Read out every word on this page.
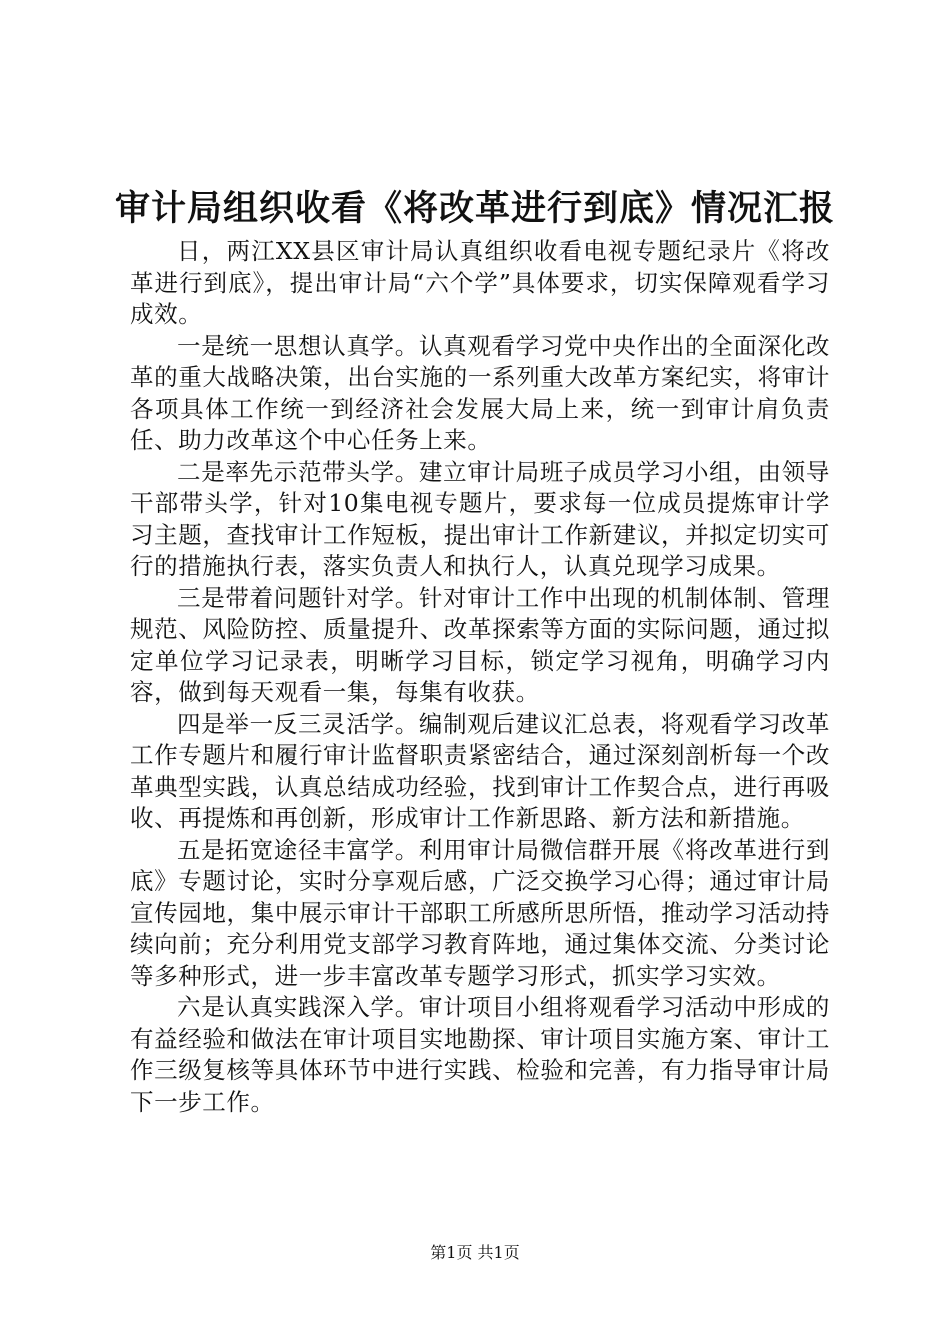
审计局组织收看《将改革进行到底》情况汇报

日，两江XX县区审计局认真组织收看电视专题纪录片《将改革进行到底》，提出审计局“六个学”具体要求，切实保障观看学习成效。

一是统一思想认真学。认真观看学习党中央作出的全面深化改革的重大战略决策，出台实施的一系列重大改革方案纪实，将审计各项具体工作统一到经济社会发展大局上来，统一到审计肩负责任、助力改革这个中心任务上来。

二是率先示范带头学。建立审计局班子成员学习小组，由领导干部带头学，针对10集电视专题片，要求每一位成员提炼审计学习主题，查找审计工作短板，提出审计工作新建议，并拟定切实可行的措施执行表，落实负责人和执行人，认真兑现学习成果。

三是带着问题针对学。针对审计工作中出现的机制体制、管理规范、风险防控、质量提升、改革探索等方面的实际问题，通过拟定单位学习记录表，明晰学习目标，锁定学习视角，明确学习内容，做到每天观看一集，每集有收获。

四是举一反三灵活学。编制观后建议汇总表，将观看学习改革工作专题片和履行审计监督职责紧密结合，通过深刻剖析每一个改革典型实践，认真总结成功经验，找到审计工作契合点，进行再吸收、再提炼和再创新，形成审计工作新思路、新方法和新措施。

五是拓宽途径丰富学。利用审计局微信群开展《将改革进行到底》专题讨论，实时分享观后感，广泛交换学习心得；通过审计局宣传园地，集中展示审计干部职工所感所思所悟，推动学习活动持续向前；充分利用党支部学习教育阵地，通过集体交流、分类讨论等多种形式，进一步丰富改革专题学习形式，抓实学习实效。

六是认真实践深入学。审计项目小组将观看学习活动中形成的有益经验和做法在审计项目实地勘探、审计项目实施方案、审计工作三级复核等具体环节中进行实践、检验和完善，有力指导审计局下一步工作。

第1页 共1页
